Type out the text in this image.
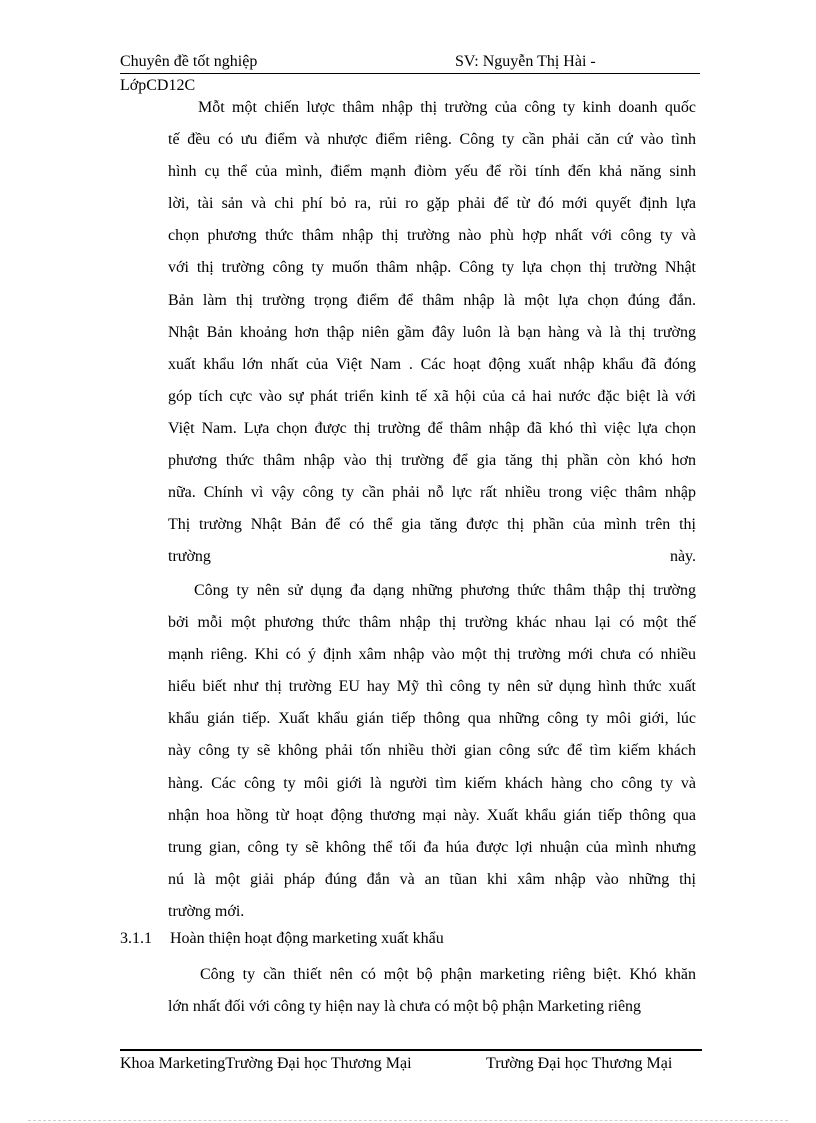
Chuyên đề tốt nghiệp	SV: Nguyễn Thị Hài -
LớpCD12C
Mỗt một chiến lược thâm nhập thị trường của công ty kinh doanh quốc
tế đều có ưu điểm và nhược điểm riêng. Công ty cần phải căn cứ vào tình
hình cụ thể của mình, điểm mạnh điòm yếu để rồi tính đến khả năng sinh
lời, tài sản và chi phí bỏ ra, rủi ro gặp phải để từ đó mới quyết định lựa
chọn phương thức thâm nhập thị trường nào phù hợp nhất với công ty và
với thị trường công ty muốn thâm nhập. Công ty lựa chọn thị trường Nhật
Bản làm thị trường trọng điểm để thâm nhập là một lựa chọn đúng đắn.
Nhật Bản khoảng hơn thập niên gầm đây luôn là bạn hàng và là thị trường
xuất khẩu lớn nhất của Việt Nam . Các hoạt động xuất nhập khẩu đã đóng
góp tích cực vào sự phát triển kinh tế xã hội của cả hai nước đặc biệt là với
Việt Nam. Lựa chọn được thị trường để thâm nhập đã khó thì việc lựa chọn
phương thức thâm nhập vào thị trường để gia tăng thị phần còn khó hơn
nữa. Chính vì vậy công ty cần phải nỗ lực rất nhiều trong việc thâm nhập
Thị trường Nhật Bản để có thể gia tăng được thị phần của mình trên thị
trường                                                                    này.
Công ty nên sử dụng đa dạng những phương thức thâm thập thị trường
bởi mỗi một phương thức thâm nhập thị trường khác nhau lại có một thế
mạnh riêng. Khi có ý định xâm nhập vào một thị trường mới chưa có nhiều
hiểu biết như thị trường EU hay Mỹ thì công ty nên sử dụng hình thức xuất
khẩu gián tiếp. Xuất khẩu gián tiếp thông qua những công ty môi giới, lúc
này công ty sẽ không phải tốn nhiều thời gian công sức để tìm kiếm khách
hàng. Các công ty môi giới là người tìm kiếm khách hàng cho công ty và
nhận hoa hồng từ hoạt động thương mại này. Xuất khẩu gián tiếp thông qua
trung gian, công ty sẽ không thể tối đa húa được lợi nhuận của mình nhưng
nú là một giải pháp đúng đắn và an tũan khi xâm nhập vào những thị
trường mới.
3.1.1 Hoàn thiện hoạt động marketing xuất khẩu
Công ty cần thiết nên có một bộ phận marketing riêng biệt. Khó khăn
lớn nhất đối với công ty hiện nay là chưa có một bộ phận Marketing riêng
Khoa MarketingTrường Đại học Thương Mại	Trường Đại học Thương Mại
